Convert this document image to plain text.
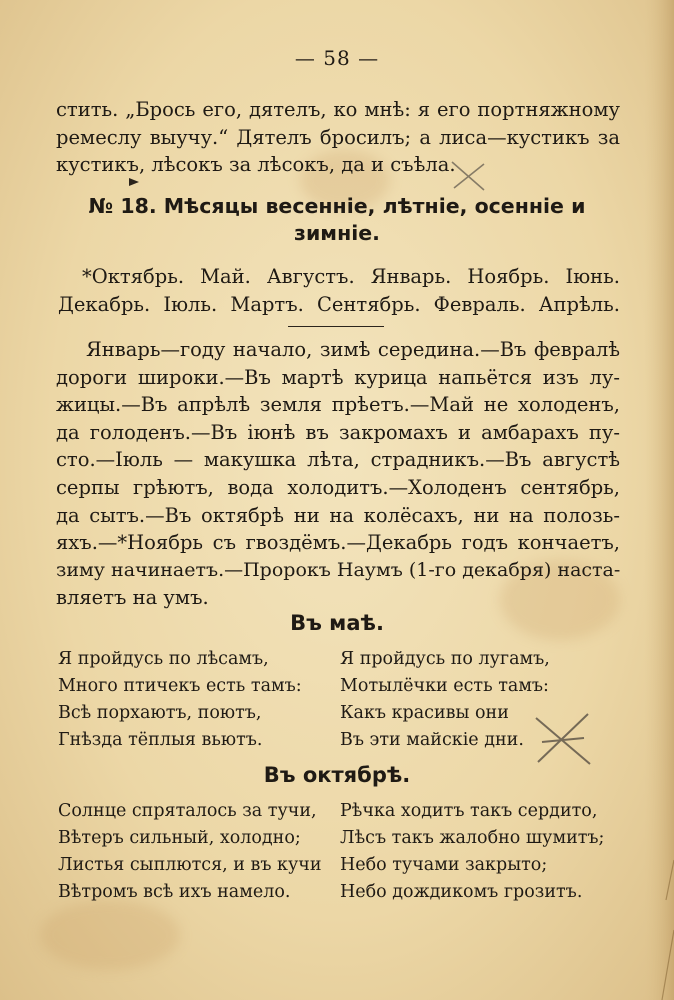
— 58 —
стить. „Брось его, дятелъ, ко мнѣ: я его портняжному
ремеслу выучу.“ Дятелъ бросилъ; а лиса—кустикъ за
кустикъ, лѣсокъ за лѣсокъ, да и съѣла.
№ 18. Мѣсяцы весенніе, лѣтніе, осенніе и
зимніе.
*Октябрь. Май. Августъ. Январь. Ноябрь. Іюнь.
Декабрь. Іюль. Мартъ. Сентябрь. Февраль. Апрѣль.
Январь—году начало, зимѣ середина.—Въ февралѣ
дороги широки.—Въ мартѣ курица напьётся изъ лу-
жицы.—Въ апрѣлѣ земля прѣетъ.—Май не холоденъ,
да голоденъ.—Въ іюнѣ въ закромахъ и амбарахъ пу-
сто.—Іюль — макушка лѣта, страдникъ.—Въ августѣ
серпы грѣютъ, вода холодитъ.—Холоденъ сентябрь,
да сытъ.—Въ октябрѣ ни на колёсахъ, ни на полозь-
яхъ.—*Ноябрь съ гвоздёмъ.—Декабрь годъ кончаетъ,
зиму начинаетъ.—Пророкъ Наумъ (1-го декабря) наста-
вляетъ на умъ.
Въ маѣ.
Я пройдусь по лѣсамъ,
Много птичекъ есть тамъ:
Всѣ порхаютъ, поютъ,
Гнѣзда тёплыя вьютъ.
Я пройдусь по лугамъ,
Мотылёчки есть тамъ:
Какъ красивы они
Въ эти майскіе дни.
Въ октябрѣ.
Солнце спряталось за тучи,
Вѣтеръ сильный, холодно;
Листья сыплются, и въ кучи
Вѣтромъ всѣ ихъ намело.
Рѣчка ходитъ такъ сердито,
Лѣсъ такъ жалобно шумитъ;
Небо тучами закрыто;
Небо дождикомъ грозитъ.
